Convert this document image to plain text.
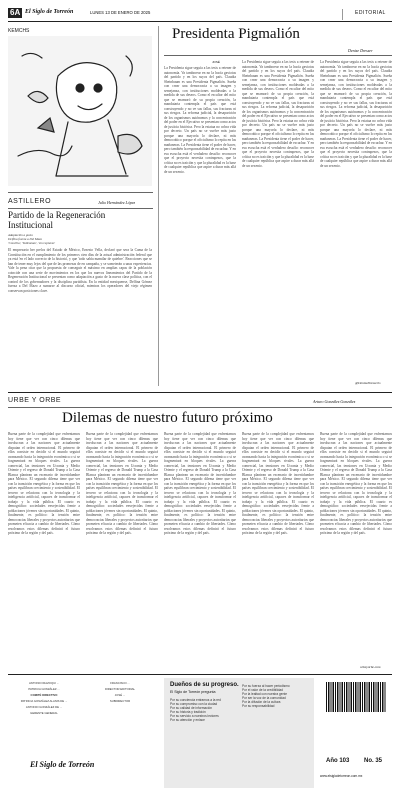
6A El Siglo de Torreón	LUNES 13 DE ENERO DE 2025	EDITORIAL
KEMCHS
ASTILLERO	Julio Hernández López
Partido de la Regeneración Institucional
Adaptación a gusto
Delfina fuerza a Del Mazo
'Concilia', 'Talleoman', 'sin rupturas'

El empresario ber prelos del Estado de México, Ernesto Vella, declaró que sera la Cama de la Constitución en el cumplimiento de los primeros cien días de la actual administración federal que ya está 'en el lado correcto de la historia', y que 'todo sabía mamilar de quiebre'. Reacciones que se han de tener muy lejos del que de las promesas de en campaña, y se someterán a unas experiencias. Vale la pena citar que la propuesta de conseguir el máximo en amplias capas de la población coincide con una serie de movimientos en los que los nuevos lineamientos del Partido de la Regeneración Institucional se presentan como adaptación a gusto de la nueva clase política, con el control de los gobernadores y la disciplina partidista. En la entidad mexiquense, Delfina Gómez fuerza a Del Mazo a sumarse al discurso oficial, mientras los operadores del viejo régimen conservan posiciones clave.

Presidenta Pigmalión
Denise Dresser
JOSÉ

La Presidenta sigue seguía a las tesis a retener de autonomía. Va tamborear en no la hacía gaviotas del partido y en los suyos del país. Claudia Sheinbaum es una Presidenta Pigmalión. Sueña con crear una democracia a su imagen y semejanza, con instituciones moldeadas a la medida de sus deseos. Como el escultor del mito que se enamoró de su propia creación, la mandataria contempla el país que está construyendo y no ve sus fallas, sus fracturas ni sus riesgos. La reforma judicial, la desaparición de los organismos autónomos y la concentración del poder en el Ejecutivo se presentan como actos de justicia histórica. Pero la estatua no cobra vida por decreto. Un país no se vuelve más justo porque una mayoría lo declare, ni más democrático porque el oficialismo lo repita en las mañaneras. La Presidenta tiene el poder de hacer, pero también la responsabilidad de escuchar. Y en esa escucha está el verdadero desafío: reconocer que el proyecto necesita contrapesos, que la crítica no es traición y que la pluralidad es la base de cualquier república que aspire a durar más allá de un sexenio.

La Presidenta sigue seguía a las tesis a retener de autonomía. Va tamborear en no la hacía gaviotas del partido y en los suyos del país. Claudia Sheinbaum es una Presidenta Pigmalión. Sueña con crear una democracia a su imagen y semejanza, con instituciones moldeadas a la medida de sus deseos. Como el escultor del mito que se enamoró de su propia creación, la mandataria contempla el país que está construyendo y no ve sus fallas, sus fracturas ni sus riesgos. La reforma judicial, la desaparición de los organismos autónomos y la concentración del poder en el Ejecutivo se presentan como actos de justicia histórica. Pero la estatua no cobra vida por decreto. Un país no se vuelve más justo porque una mayoría lo declare, ni más democrático porque el oficialismo lo repita en las mañaneras. La Presidenta tiene el poder de hacer, pero también la responsabilidad de escuchar. Y en esa escucha está el verdadero desafío: reconocer que el proyecto necesita contrapesos, que la crítica no es traición y que la pluralidad es la base de cualquier república que aspire a durar más allá de un sexenio.

La Presidenta sigue seguía a las tesis a retener de autonomía. Va tamborear en no la hacía gaviotas del partido y en los suyos del país. Claudia Sheinbaum es una Presidenta Pigmalión. Sueña con crear una democracia a su imagen y semejanza, con instituciones moldeadas a la medida de sus deseos. Como el escultor del mito que se enamoró de su propia creación, la mandataria contempla el país que está construyendo y no ve sus fallas, sus fracturas ni sus riesgos. La reforma judicial, la desaparición de los organismos autónomos y la concentración del poder en el Ejecutivo se presentan como actos de justicia histórica. Pero la estatua no cobra vida por decreto. Un país no se vuelve más justo porque una mayoría lo declare, ni más democrático porque el oficialismo lo repita en las mañaneras. La Presidenta tiene el poder de hacer, pero también la responsabilidad de escuchar. Y en esa escucha está el verdadero desafío: reconocer que el proyecto necesita contrapesos, que la crítica no es traición y que la pluralidad es la base de cualquier república que aspire a durar más allá de un sexenio.

@DeniseDresserG
URBE Y ORBE	Arturo González González
Dilemas de nuestro futuro próximo

Buena parte de la complejidad que enfrentamos hoy tiene que ver con cinco dilemas que involucran a las naciones que actualmente disputan el orden internacional. El primero de ellos consiste en decidir si el mundo seguirá avanzando hacia la integración económica o si se fragmentará en bloques rivales. La guerra comercial, las tensiones en Ucrania y Medio Oriente y el regreso de Donald Trump a la Casa Blanca plantean un escenario de incertidumbre para México. El segundo dilema tiene que ver con la transición energética y la forma en que los países equilibran crecimiento y sostenibilidad. El tercero se relaciona con la tecnología y la inteligencia artificial, capaces de transformar el trabajo y la vida pública. El cuarto es demográfico: sociedades envejecidas frente a poblaciones jóvenes sin oportunidades. El quinto, finalmente, es político: la tensión entre democracias liberales y proyectos autoritarios que prometen eficacia a cambio de libertades. Cómo resolvamos estos dilemas definirá el futuro próximo de la región y del país.

Buena parte de la complejidad que enfrentamos hoy tiene que ver con cinco dilemas que involucran a las naciones que actualmente disputan el orden internacional. El primero de ellos consiste en decidir si el mundo seguirá avanzando hacia la integración económica o si se fragmentará en bloques rivales. La guerra comercial, las tensiones en Ucrania y Medio Oriente y el regreso de Donald Trump a la Casa Blanca plantean un escenario de incertidumbre para México. El segundo dilema tiene que ver con la transición energética y la forma en que los países equilibran crecimiento y sostenibilidad. El tercero se relaciona con la tecnología y la inteligencia artificial, capaces de transformar el trabajo y la vida pública. El cuarto es demográfico: sociedades envejecidas frente a poblaciones jóvenes sin oportunidades. El quinto, finalmente, es político: la tensión entre democracias liberales y proyectos autoritarios que prometen eficacia a cambio de libertades. Cómo resolvamos estos dilemas definirá el futuro próximo de la región y del país.

Buena parte de la complejidad que enfrentamos hoy tiene que ver con cinco dilemas que involucran a las naciones que actualmente disputan el orden internacional. El primero de ellos consiste en decidir si el mundo seguirá avanzando hacia la integración económica o si se fragmentará en bloques rivales. La guerra comercial, las tensiones en Ucrania y Medio Oriente y el regreso de Donald Trump a la Casa Blanca plantean un escenario de incertidumbre para México. El segundo dilema tiene que ver con la transición energética y la forma en que los países equilibran crecimiento y sostenibilidad. El tercero se relaciona con la tecnología y la inteligencia artificial, capaces de transformar el trabajo y la vida pública. El cuarto es demográfico: sociedades envejecidas frente a poblaciones jóvenes sin oportunidades. El quinto, finalmente, es político: la tensión entre democracias liberales y proyectos autoritarios que prometen eficacia a cambio de libertades. Cómo resolvamos estos dilemas definirá el futuro próximo de la región y del país.

Buena parte de la complejidad que enfrentamos hoy tiene que ver con cinco dilemas que involucran a las naciones que actualmente disputan el orden internacional. El primero de ellos consiste en decidir si el mundo seguirá avanzando hacia la integración económica o si se fragmentará en bloques rivales. La guerra comercial, las tensiones en Ucrania y Medio Oriente y el regreso de Donald Trump a la Casa Blanca plantean un escenario de incertidumbre para México. El segundo dilema tiene que ver con la transición energética y la forma en que los países equilibran crecimiento y sostenibilidad. El tercero se relaciona con la tecnología y la inteligencia artificial, capaces de transformar el trabajo y la vida pública. El cuarto es demográfico: sociedades envejecidas frente a poblaciones jóvenes sin oportunidades. El quinto, finalmente, es político: la tensión entre democracias liberales y proyectos autoritarios que prometen eficacia a cambio de libertades. Cómo resolvamos estos dilemas definirá el futuro próximo de la región y del país.

Buena parte de la complejidad que enfrentamos hoy tiene que ver con cinco dilemas que involucran a las naciones que actualmente disputan el orden internacional. El primero de ellos consiste en decidir si el mundo seguirá avanzando hacia la integración económica o si se fragmentará en bloques rivales. La guerra comercial, las tensiones en Ucrania y Medio Oriente y el regreso de Donald Trump a la Casa Blanca plantean un escenario de incertidumbre para México. El segundo dilema tiene que ver con la transición energética y la forma en que los países equilibran crecimiento y sostenibilidad. El tercero se relaciona con la tecnología y la inteligencia artificial, capaces de transformar el trabajo y la vida pública. El cuarto es demográfico: sociedades envejecidas frente a poblaciones jóvenes sin oportunidades. El quinto, finalmente, es político: la tensión entre democracias liberales y proyectos autoritarios que prometen eficacia a cambio de libertades. Cómo resolvamos estos dilemas definirá el futuro próximo de la región y del país.

urbeyorbe.com
ANTONIO IRAZOQUI ...
PATRICIA GONZÁLEZ ...
COMITÉ DIRECTIVO
PATRICIA GONZÁLEZ ALANIS DE ...
ANTONIO GONZÁLEZ DE ...
GERENTE GENERAL
FRANCISCO ...
DIRECTOR EDITORIAL
JOSÉ ...
SUBDIRECTOR
El Siglo de Torreón
Dueños de su progreso.
El Siglo de Torreón pregunta
Por su conciencia entramos a la red
Por su compromiso con la ciudad
Por su calidad de información
Por su historia y tradición
Por su servicio a nuestros lectores
Por su atención y enlace
Por su fuerza al hacer periodismo
Por el valor de la credibilidad
Por la lealtad con nuestra gente
Por ser la voz de la comunidad
Por la difusión de la cultura
Por su responsabilidad
Año 103 No. 35
www.elsiglodetorreon.com.mx
